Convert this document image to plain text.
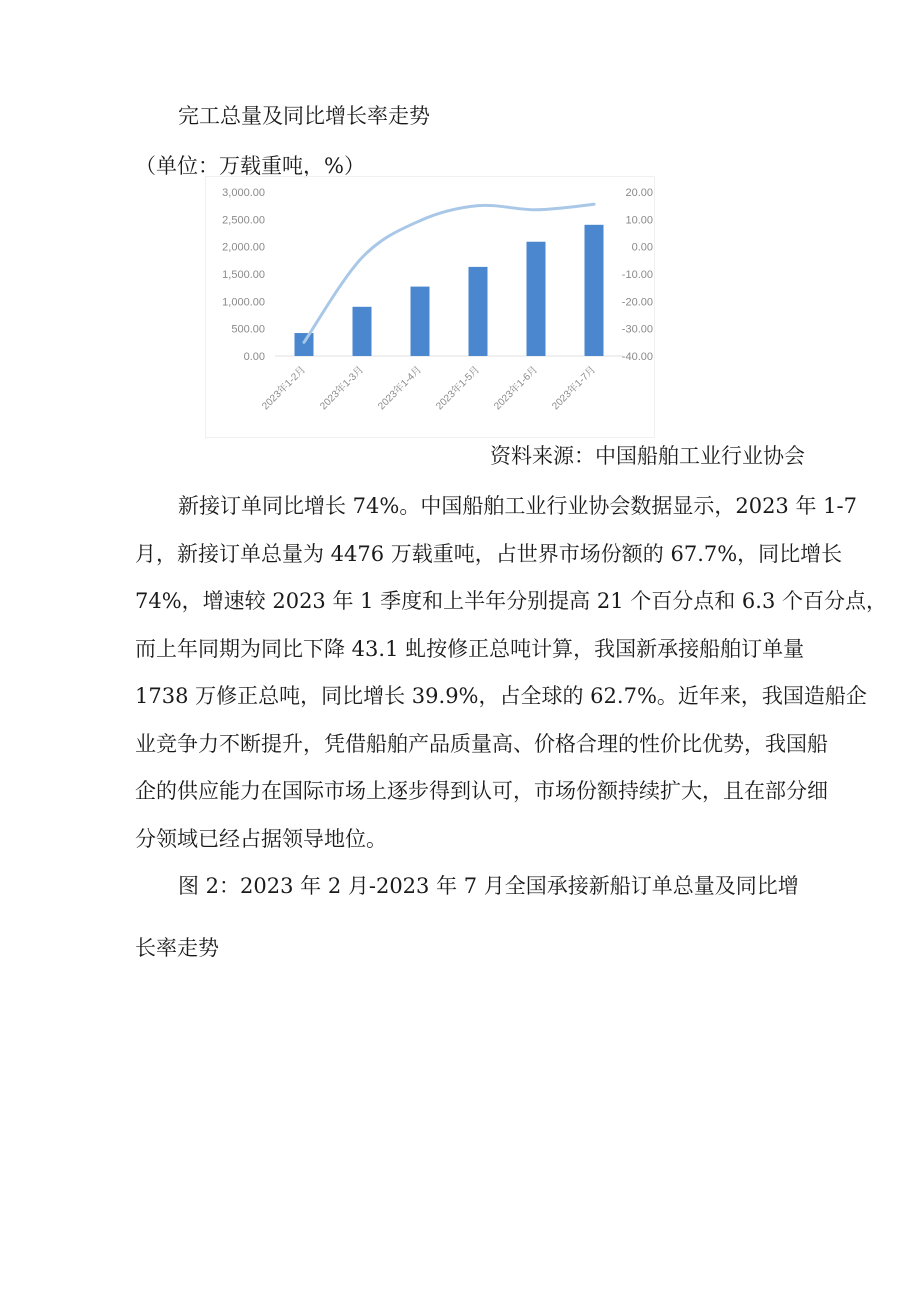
完工总量及同比增长率走势
（单位：万载重吨，%）
0.00
500.00
1,000.00
1,500.00
2,000.00
2,500.00
3,000.00
-40.00
-30.00
-20.00
-10.00
0.00
10.00
20.00
2023年1-2月 2023年1-3月 2023年1-4月 2023年1-5月 2023年1-6月 2023年1-7月
资料来源：中国船舶工业行业协会
新接订单同比增长 74%。中国船舶工业行业协会数据显示，2023 年 1-7
月，新接订单总量为 4476 万载重吨，占世界市场份额的 67.7%，同比增长
74%，增速较 2023 年 1 季度和上半年分别提高 21 个百分点和 6.3 个百分点，
而上年同期为同比下降 43.1 虬按修正总吨计算，我国新承接船舶订单量
1738 万修正总吨，同比增长 39.9%，占全球的 62.7%。近年来，我国造船企
业竞争力不断提升，凭借船舶产品质量高、价格合理的性价比优势，我国船
企的供应能力在国际市场上逐步得到认可，市场份额持续扩大，且在部分细
分领域已经占据领导地位。
图 2：2023 年 2 月-2023 年 7 月全国承接新船订单总量及同比增
长率走势
